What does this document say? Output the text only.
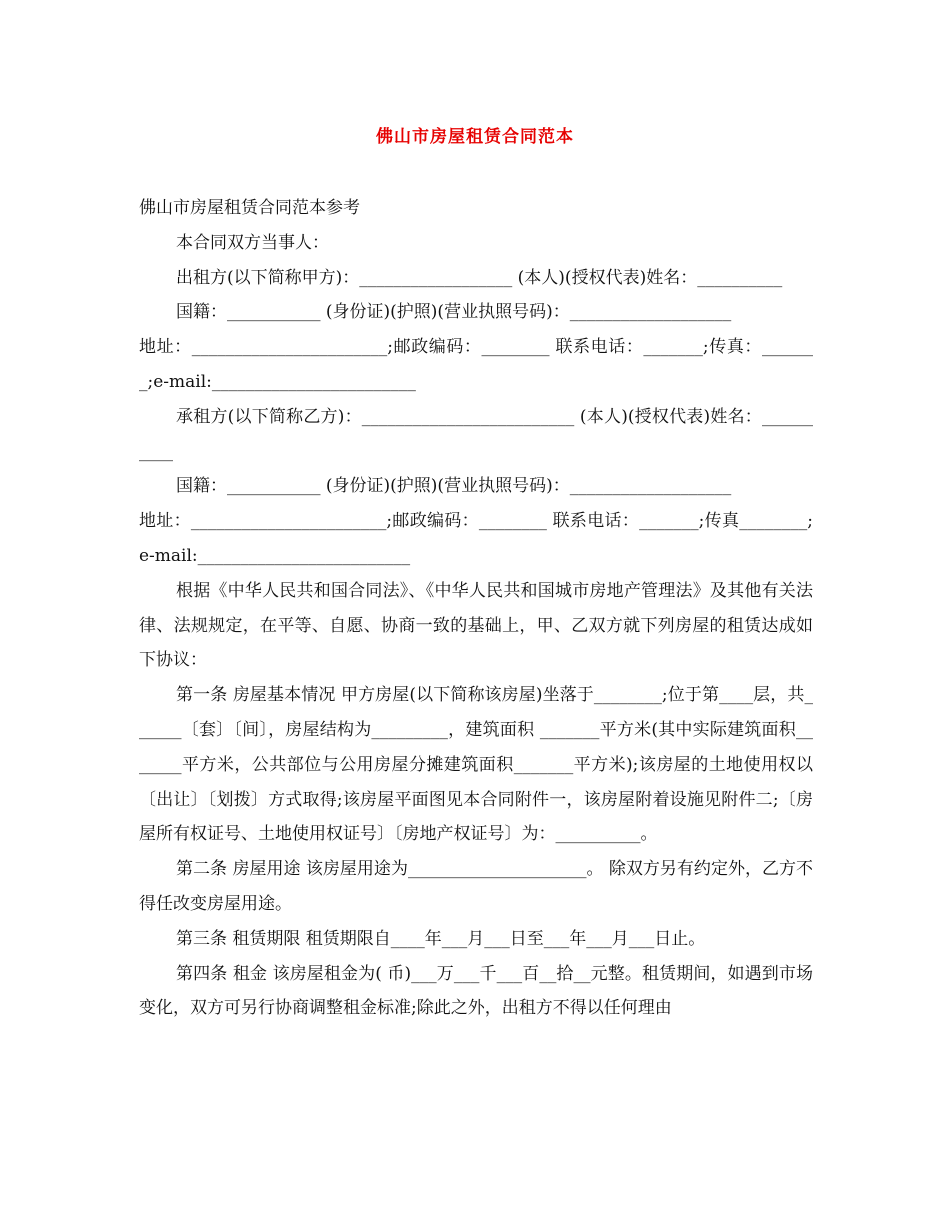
佛山市房屋租赁合同范本

佛山市房屋租赁合同范本参考

本合同双方当事人：

出租方(以下简称甲方)：__________________ (本人)(授权代表)姓名：__________

国籍：___________ (身份证)(护照)(营业执照号码)：___________________

地址：_______________________;邮政编码：________ 联系电话：_______;传真：_______;e-mail:________________________

承租方(以下简称乙方)：_________________________ (本人)(授权代表)姓名：__________

国籍：___________ (身份证)(护照)(营业执照号码)：___________________

地址：_______________________;邮政编码：________ 联系电话：_______;传真________;e-mail:_________________________

根据《中华人民共和国合同法》、《中华人民共和国城市房地产管理法》及其他有关法律、法规规定，在平等、自愿、协商一致的基础上，甲、乙双方就下列房屋的租赁达成如下协议：

第一条 房屋基本情况 甲方房屋(以下简称该房屋)坐落于________;位于第____层，共______〔套〕〔间〕，房屋结构为_________，建筑面积 _______平方米(其中实际建筑面积_______平方米，公共部位与公用房屋分摊建筑面积_______平方米);该房屋的土地使用权以〔出让〕〔划拨〕方式取得;该房屋平面图见本合同附件一，该房屋附着设施见附件二;〔房屋所有权证号、土地使用权证号〕〔房地产权证号〕为：__________。

第二条 房屋用途 该房屋用途为_____________________。 除双方另有约定外，乙方不得任改变房屋用途。

第三条 租赁期限 租赁期限自____年___月___日至___年___月___日止。

第四条 租金 该房屋租金为( 币)___万___千___百__拾__元整。租赁期间，如遇到市场变化，双方可另行协商调整租金标准;除此之外，出租方不得以任何理由
